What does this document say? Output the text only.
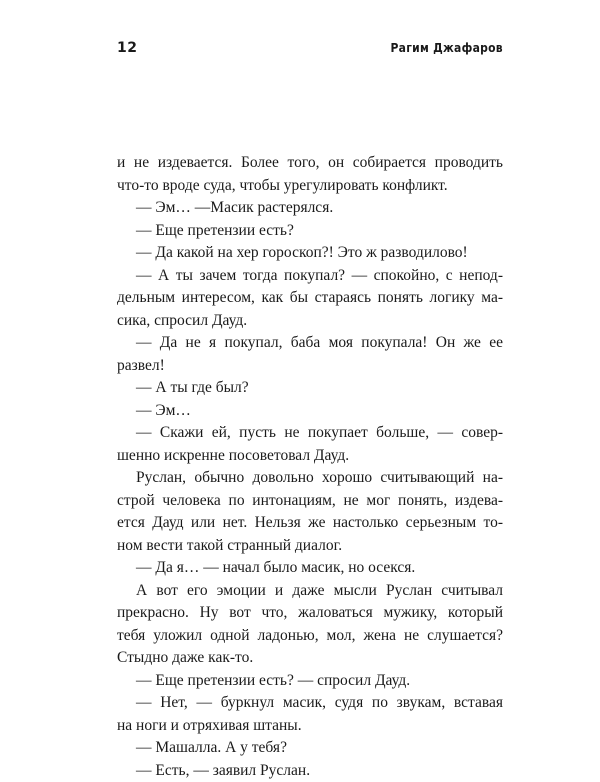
12	Рагим Джафаров
и не издевается. Более того, он собирается проводить
что-то вроде суда, чтобы урегулировать конфликт.
— Эм… —Масик растерялся.
— Еще претензии есть?
— Да какой на хер гороскоп?! Это ж разводилово!
— А ты зачем тогда покупал? — спокойно, с непод-
дельным интересом, как бы стараясь понять логику ма-
сика, спросил Дауд.
— Да не я покупал, баба моя покупала! Он же ее
развел!
— А ты где был?
— Эм…
— Скажи ей, пусть не покупает больше, — совер-
шенно искренне посоветовал Дауд.
Руслан, обычно довольно хорошо считывающий на-
строй человека по интонациям, не мог понять, издева-
ется Дауд или нет. Нельзя же настолько серьезным то-
ном вести такой странный диалог.
— Да я… — начал было масик, но осекся.
А вот его эмоции и даже мысли Руслан считывал
прекрасно. Ну вот что, жаловаться мужику, который
тебя уложил одной ладонью, мол, жена не слушается?
Стыдно даже как-то.
— Еще претензии есть? — спросил Дауд.
— Нет, — буркнул масик, судя по звукам, вставая
на ноги и отряхивая штаны.
— Машалла. А у тебя?
— Есть, — заявил Руслан.
